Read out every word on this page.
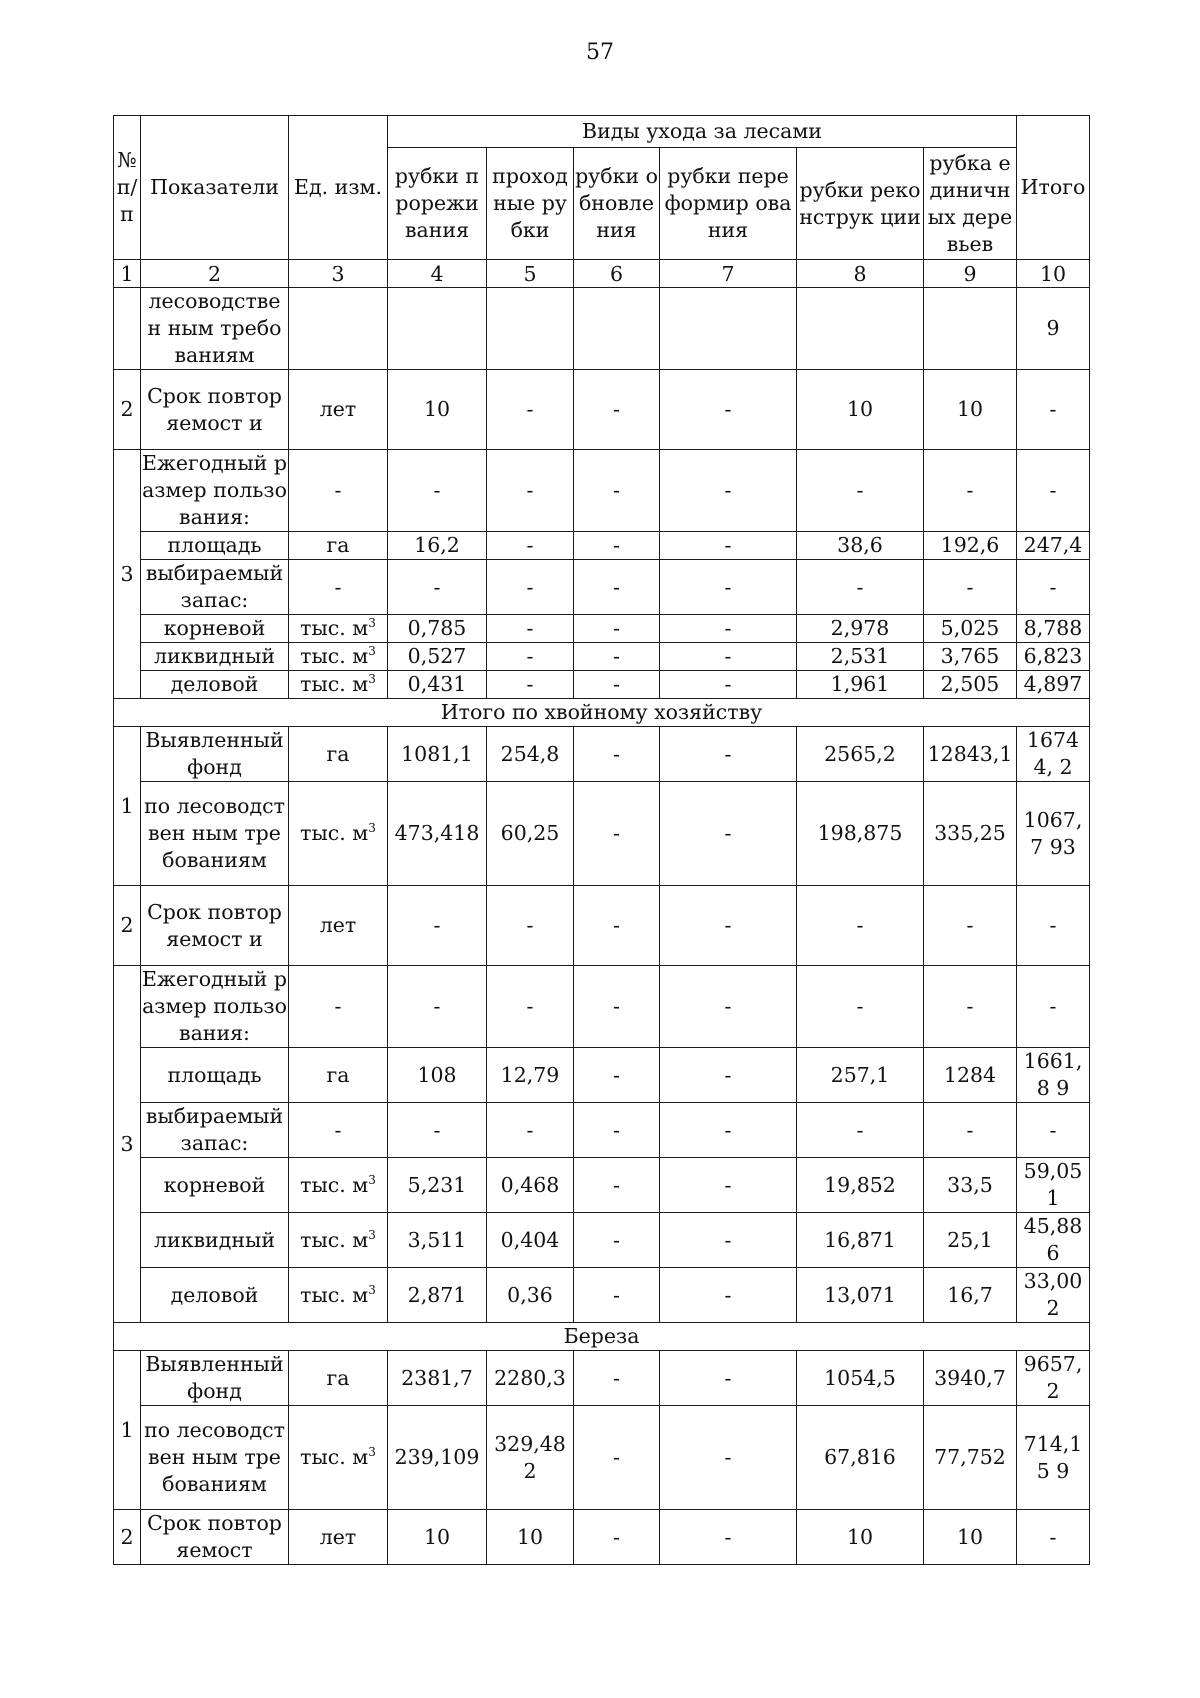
57
№ п/п	Показатели	Ед. изм.	Виды ухода за лесами						Итого
			рубки прорежи вания	проход ные рубки	рубки обновле ния	рубки переформир ования	рубки реконструк ции	рубка единичн ых деревьев	
1	2	3	4	5	6	7	8	9	10
	лесоводствен ным требованиям								9
2	Срок повторяемост и	лет	10	-	-	-	10	10	-
3	Ежегодный размер пользования:	-	-	-	-	-	-	-	-
	площадь	га	16,2	-	-	-	38,6	192,6	247,4
	выбираемый запас:	-	-	-	-	-	-	-	-
	корневой	тыс. $м^3$	0,785	-	-	-	2,978	5,025	8,788
	ликвидный	тыс. $м^3$	0,527	-	-	-	2,531	3,765	6,823
	деловой	тыс. $м^3$	0,431	-	-	-	1,961	2,505	4,897
Итого по хвойному хозяйству									
1	Выявленный фонд	га	1081,1	254,8	-	-	2565,2	12843,1	16744, 2
	по лесоводствен ным требованиям	тыс. $м^3$	473,418	60,25	-	-	198,875	335,25	1067,7 93
2	Срок повторяемост и	лет	-	-	-	-	-	-	-
3	Ежегодный размер пользования:	-	-	-	-	-	-	-	-
	площадь	га	108	12,79	-	-	257,1	1284	1661,8 9
	выбираемый запас:	-	-	-	-	-	-	-	-
	корневой	тыс. $м^3$	5,231	0,468	-	-	19,852	33,5	59,051
	ликвидный	тыс. $м^3$	3,511	0,404	-	-	16,871	25,1	45,886
	деловой	тыс. $м^3$	2,871	0,36	-	-	13,071	16,7	33,002
Береза									
1	Выявленный фонд	га	2381,7	2280,3	-	-	1054,5	3940,7	9657,2
	по лесоводствен ным требованиям	тыс. $м^3$	239,109	329,482	-	-	67,816	77,752	714,15 9
2	Срок повторяемост	лет	10	10	-	-	10	10	-
